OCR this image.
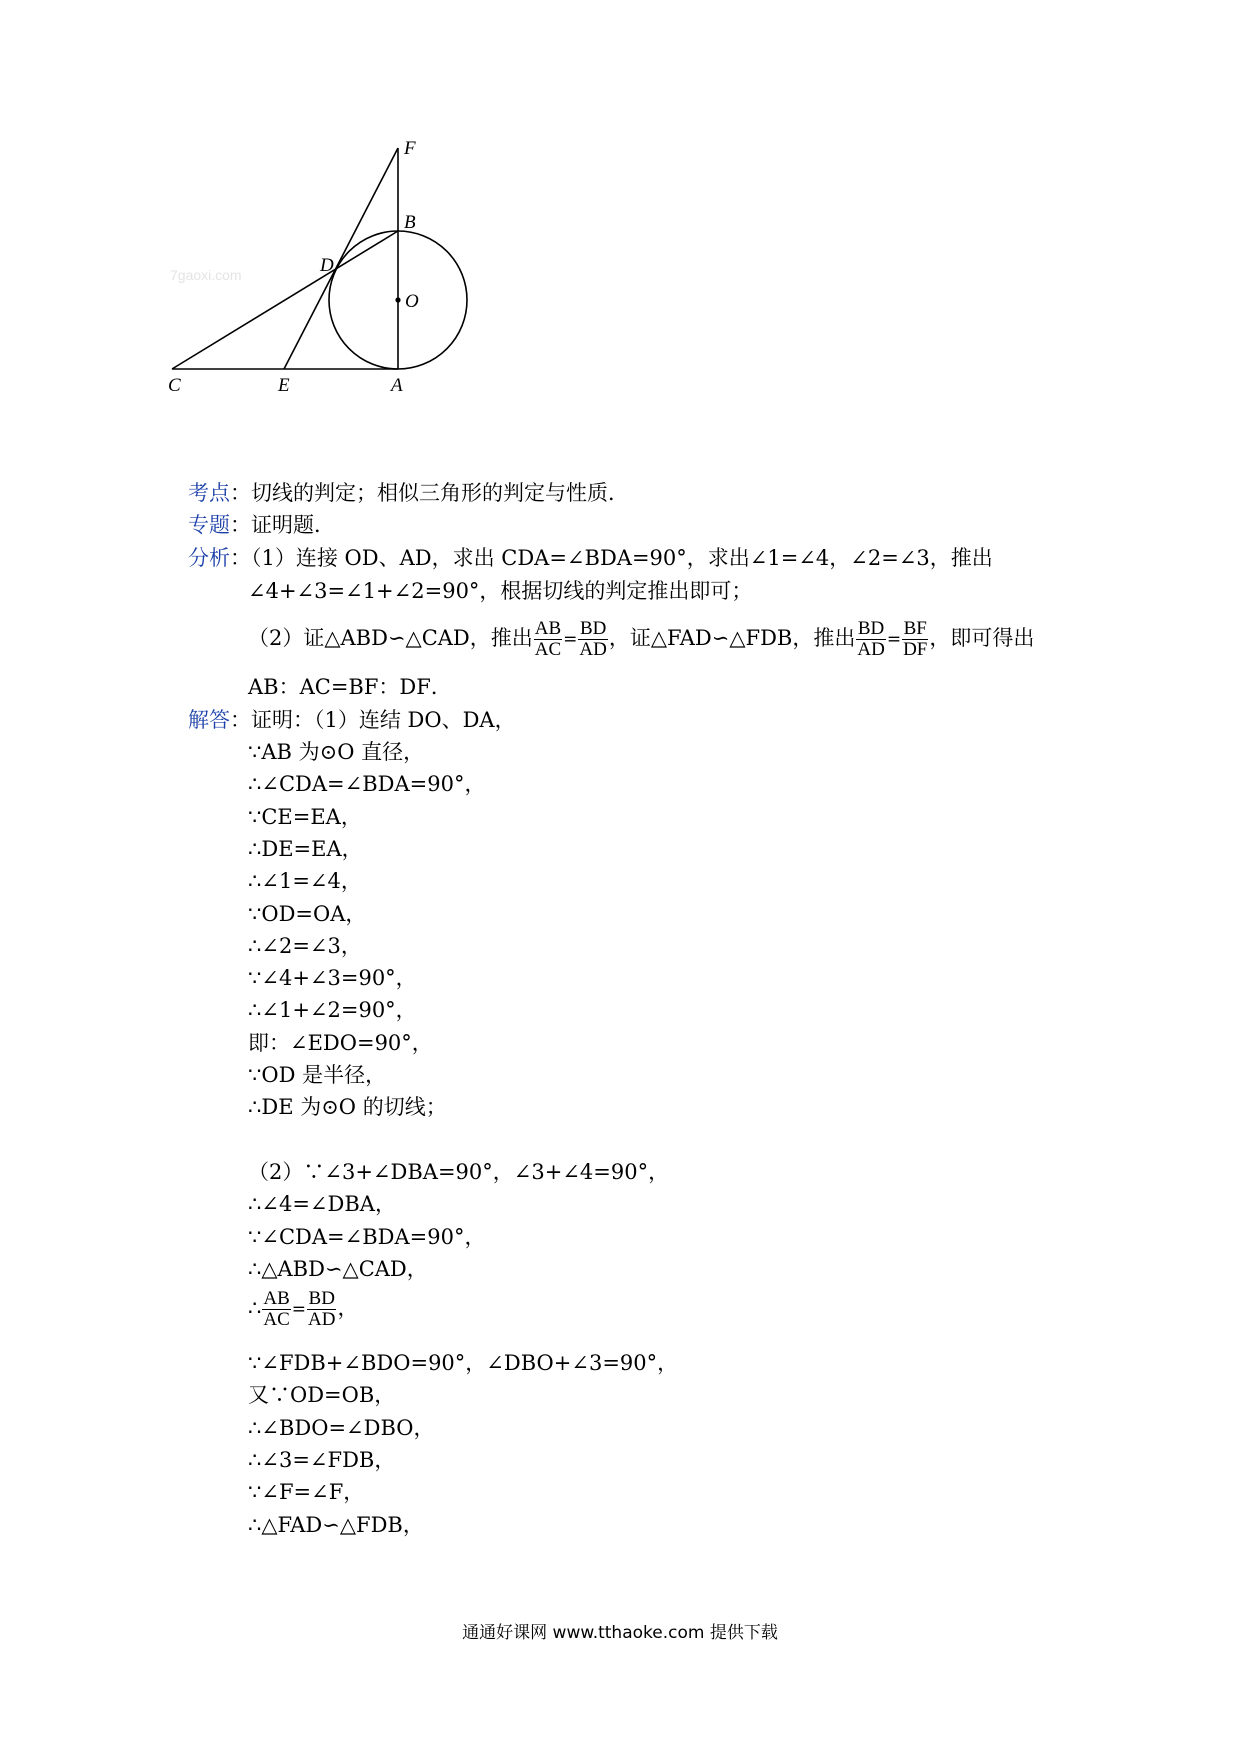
7gaoxi.com
F
B
D
O
C	E	A
考点：切线的判定；相似三角形的判定与性质．
专题：证明题．
分析：（1）连接 OD、AD，求出 CDA=∠BDA=90°，求出∠1=∠4，∠2=∠3，推出
∠4+∠3=∠1+∠2=90°，根据切线的判定推出即可；
（2）证△ABD∽△CAD，推出 $\frac{AB}{AC} = \frac{BD}{AD}$ ，证△FAD∽△FDB，推出 $\frac{BD}{AD} = \frac{BF}{DF}$ ，即可得出
AB：AC=BF：DF．
解答：证明：（1）连结 DO、DA，
∵AB 为⊙O 直径，
∴∠CDA=∠BDA=90°，
∵CE=EA，
∴DE=EA，
∴∠1=∠4，
∵OD=OA，
∴∠2=∠3，
∵∠4+∠3=90°，
∴∠1+∠2=90°，
即：∠EDO=90°，
∵OD 是半径，
∴DE 为⊙O 的切线；
（2）∵∠3+∠DBA=90°，∠3+∠4=90°，
∴∠4=∠DBA，
∵∠CDA=∠BDA=90°，
∴△ABD∽△CAD，
∴ $\frac{AB}{AC} = \frac{BD}{AD}$ ，
∵∠FDB+∠BDO=90°，∠DBO+∠3=90°，
又∵OD=OB，
∴∠BDO=∠DBO，
∴∠3=∠FDB，
∵∠F=∠F，
∴△FAD∽△FDB，
通通好课网 www.tthaoke.com 提供下载
